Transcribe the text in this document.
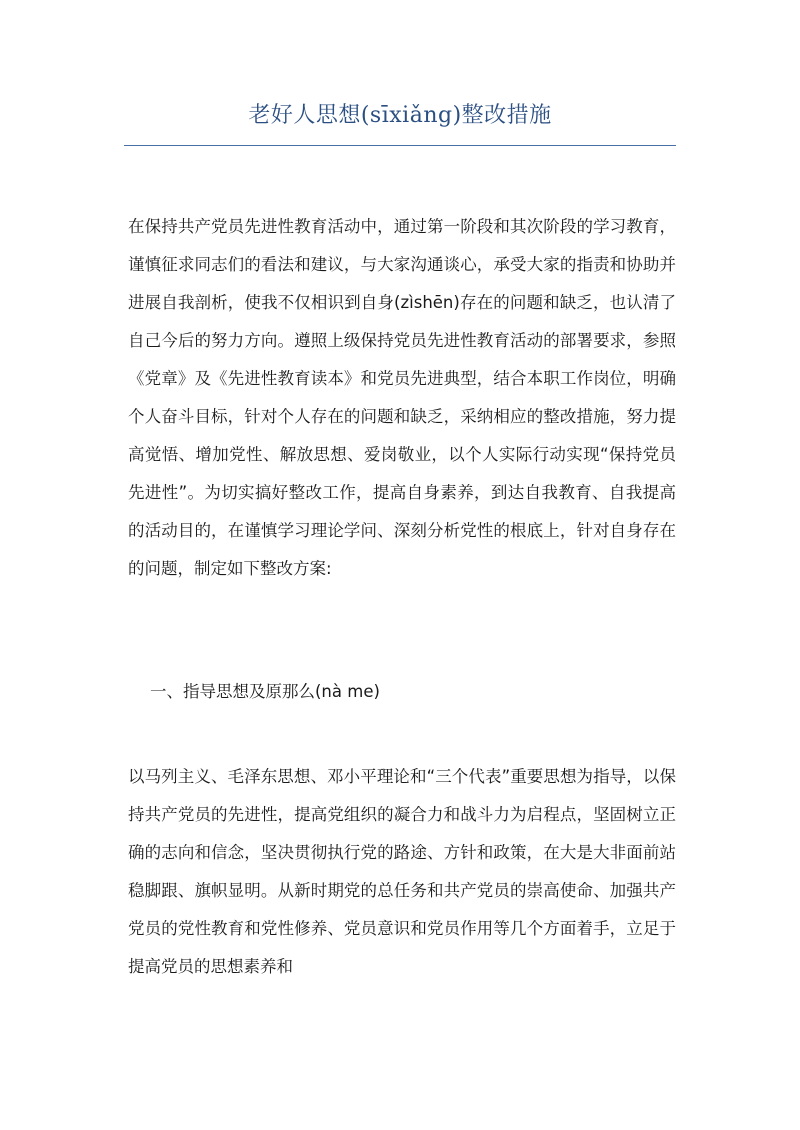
老好人思想(sīxiǎng)整改措施
在保持共产党员先进性教育活动中，通过第一阶段和其次阶段的学习教育，谨慎征求同志们的看法和建议，与大家沟通谈心，承受大家的指责和协助并进展自我剖析，使我不仅相识到自身(zìshēn)存在的问题和缺乏，也认清了自己今后的努力方向。遵照上级保持党员先进性教育活动的部署要求，参照《党章》及《先进性教育读本》和党员先进典型，结合本职工作岗位，明确个人奋斗目标，针对个人存在的问题和缺乏，采纳相应的整改措施，努力提高觉悟、增加党性、解放思想、爱岗敬业，以个人实际行动实现“保持党员先进性”。为切实搞好整改工作，提高自身素养，到达自我教育、自我提高的活动目的，在谨慎学习理论学问、深刻分析党性的根底上，针对自身存在的问题，制定如下整改方案:
一、指导思想及原那么(nà me)
以马列主义、毛泽东思想、邓小平理论和“三个代表”重要思想为指导，以保持共产党员的先进性，提高党组织的凝合力和战斗力为启程点，坚固树立正确的志向和信念，坚决贯彻执行党的路途、方针和政策，在大是大非面前站稳脚跟、旗帜显明。从新时期党的总任务和共产党员的崇高使命、加强共产党员的党性教育和党性修养、党员意识和党员作用等几个方面着手，立足于提高党员的思想素养和
